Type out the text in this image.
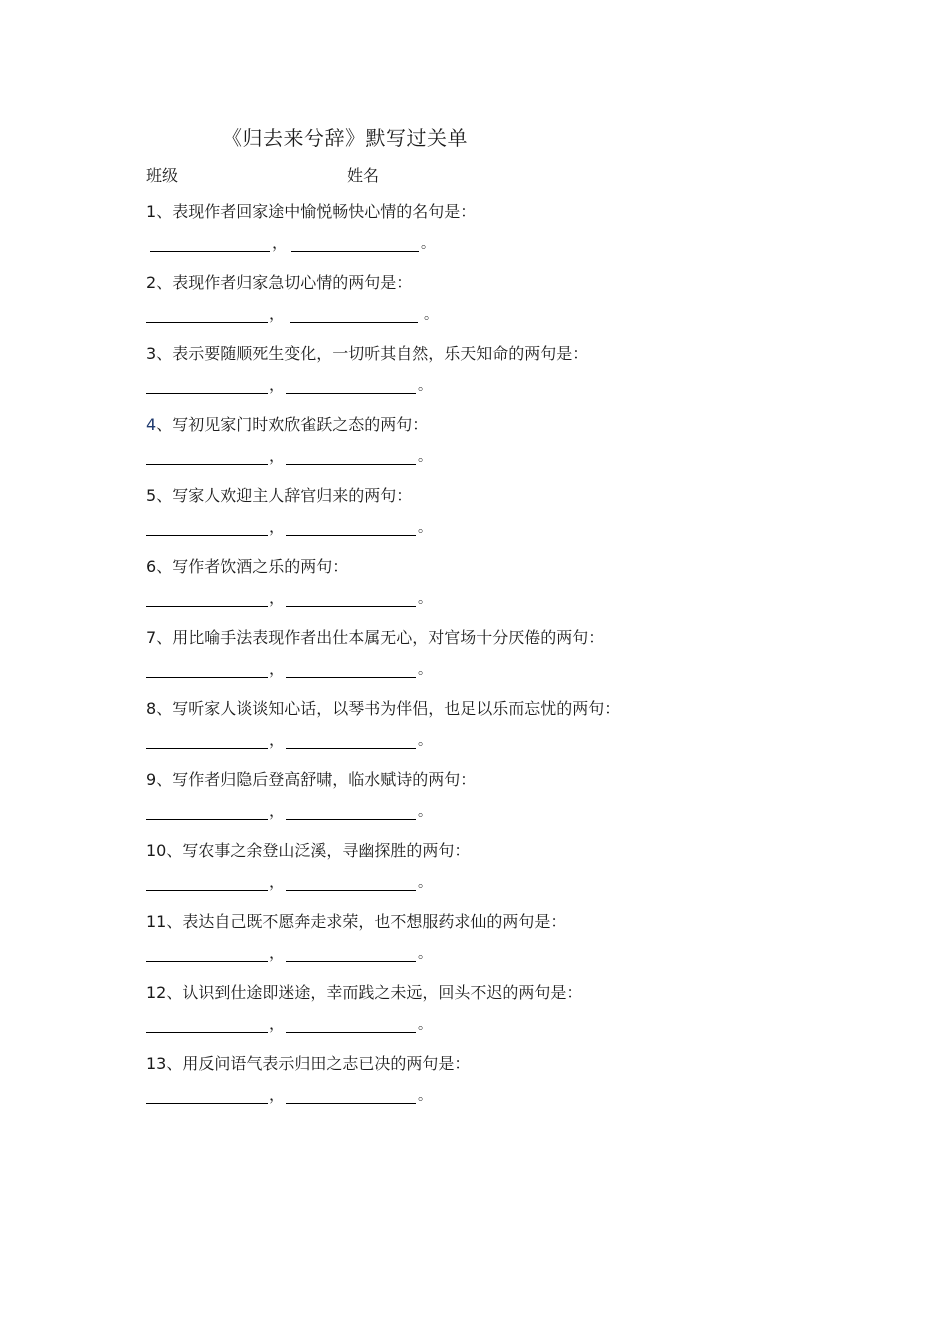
《归去来兮辞》默写过关单
班级	姓名
1、表现作者回家途中愉悦畅快心情的名句是：
，	。
2、表现作者归家急切心情的两句是：
，	。
3、表示要随顺死生变化，一切听其自然，乐天知命的两句是：
，	。
4、写初见家门时欢欣雀跃之态的两句：
，	。
5、写家人欢迎主人辞官归来的两句：
，	。
6、写作者饮酒之乐的两句：
，	。
7、用比喻手法表现作者出仕本属无心，对官场十分厌倦的两句：
，	。
8、写听家人谈谈知心话，以琴书为伴侣，也足以乐而忘忧的两句：
，	。
9、写作者归隐后登高舒啸，临水赋诗的两句：
，	。
10、写农事之余登山泛溪，寻幽探胜的两句：
，	。
11、表达自己既不愿奔走求荣，也不想服药求仙的两句是：
，	。
12、认识到仕途即迷途，幸而践之未远，回头不迟的两句是：
，	。
13、用反问语气表示归田之志已决的两句是：
，	。
